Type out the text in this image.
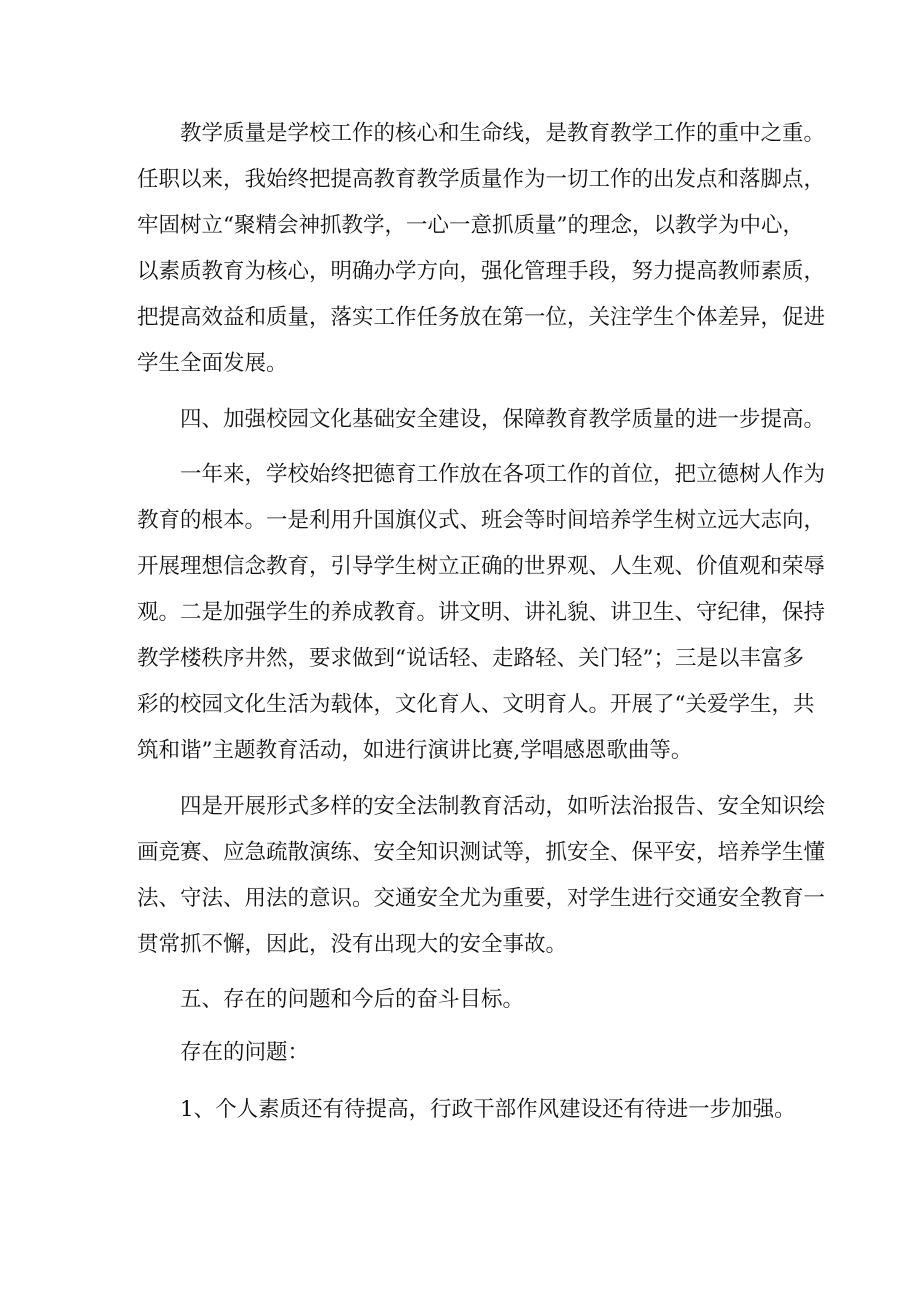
教学质量是学校工作的核心和生命线，是教育教学工作的重中之重。

任职以来，我始终把提高教育教学质量作为一切工作的出发点和落脚点，

牢固树立“聚精会神抓教学，一心一意抓质量”的理念，以教学为中心，

以素质教育为核心，明确办学方向，强化管理手段，努力提高教师素质，

把提高效益和质量，落实工作任务放在第一位，关注学生个体差异，促进

学生全面发展。

四、加强校园文化基础安全建设，保障教育教学质量的进一步提高。

一年来，学校始终把德育工作放在各项工作的首位，把立德树人作为

教育的根本。一是利用升国旗仪式、班会等时间培养学生树立远大志向，

开展理想信念教育，引导学生树立正确的世界观、人生观、价值观和荣辱

观。二是加强学生的养成教育。讲文明、讲礼貌、讲卫生、守纪律，保持

教学楼秩序井然，要求做到“说话轻、走路轻、关门轻”；三是以丰富多

彩的校园文化生活为载体，文化育人、文明育人。开展了“关爱学生，共

筑和谐”主题教育活动，如进行演讲比赛,学唱感恩歌曲等。

四是开展形式多样的安全法制教育活动，如听法治报告、安全知识绘

画竞赛、应急疏散演练、安全知识测试等，抓安全、保平安，培养学生懂

法、守法、用法的意识。交通安全尤为重要，对学生进行交通安全教育一

贯常抓不懈，因此，没有出现大的安全事故。

五、存在的问题和今后的奋斗目标。

存在的问题：

1、个人素质还有待提高，行政干部作风建设还有待进一步加强。
